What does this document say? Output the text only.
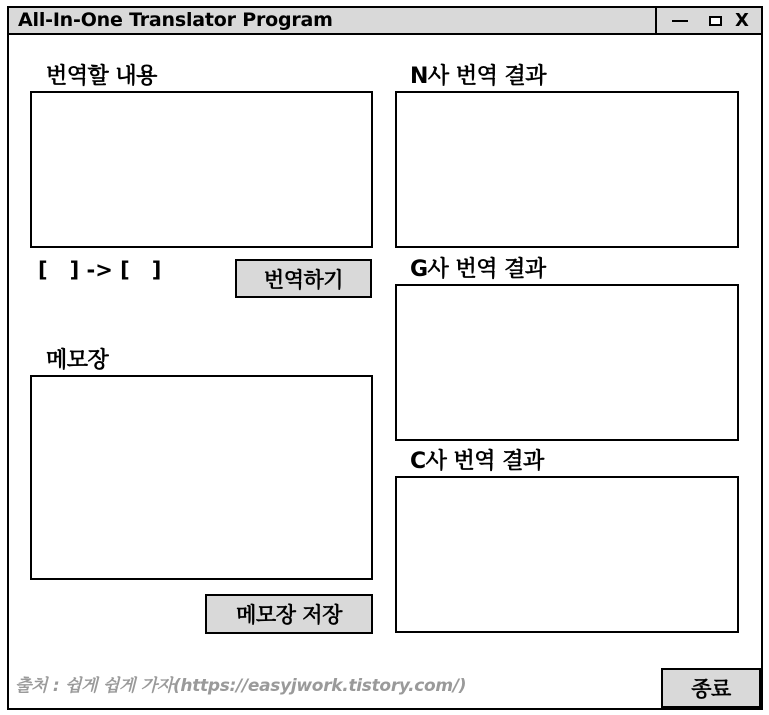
All-In-One Translator Program	X
번역할 내용
[ ] -> [ ]	번역하기
메모장
메모장 저장
N사 번역 결과
G사 번역 결과
C사 번역 결과
출처 : 쉽게 쉽게 가자(https://easyjwork.tistory.com/)	종료
